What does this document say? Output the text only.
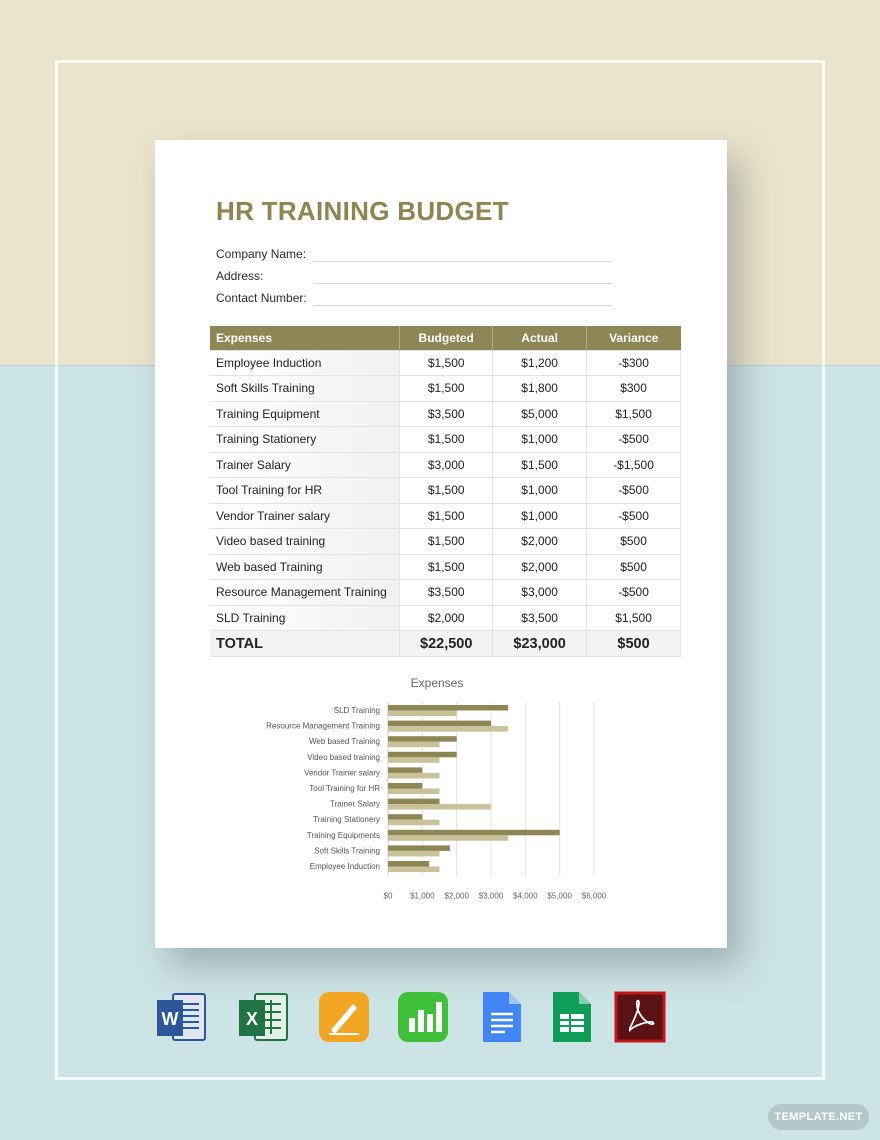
HR TRAINING BUDGET
Company Name:
Address:
Contact Number:
Expenses	Budgeted	Actual	Variance
Employee Induction	$1,500	$1,200	-$300
Soft Skills Training	$1,500	$1,800	$300
Training Equipment	$3,500	$5,000	$1,500
Training Stationery	$1,500	$1,000	-$500
Trainer Salary	$3,000	$1,500	-$1,500
Tool Training for HR	$1,500	$1,000	-$500
Vendor Trainer salary	$1,500	$1,000	-$500
Video based training	$1,500	$2,000	$500
Web based Training	$1,500	$2,000	$500
Resource Management Training	$3,500	$3,000	-$500
SLD Training	$2,000	$3,500	$1,500
TOTAL	$22,500	$23,000	$500
Expenses
$0 $1,000 $2,000 $3,000 $4,000 $5,000 $6,000
SLD Training
Resource Management Training
Web based Training
Video based training
Vendor Trainer salary
Tool Training for HR
Trainer Salary
Training Stationery
Training Equipments
Soft Skills Training
Employee Induction
W	X
TEMPLATE.NET
